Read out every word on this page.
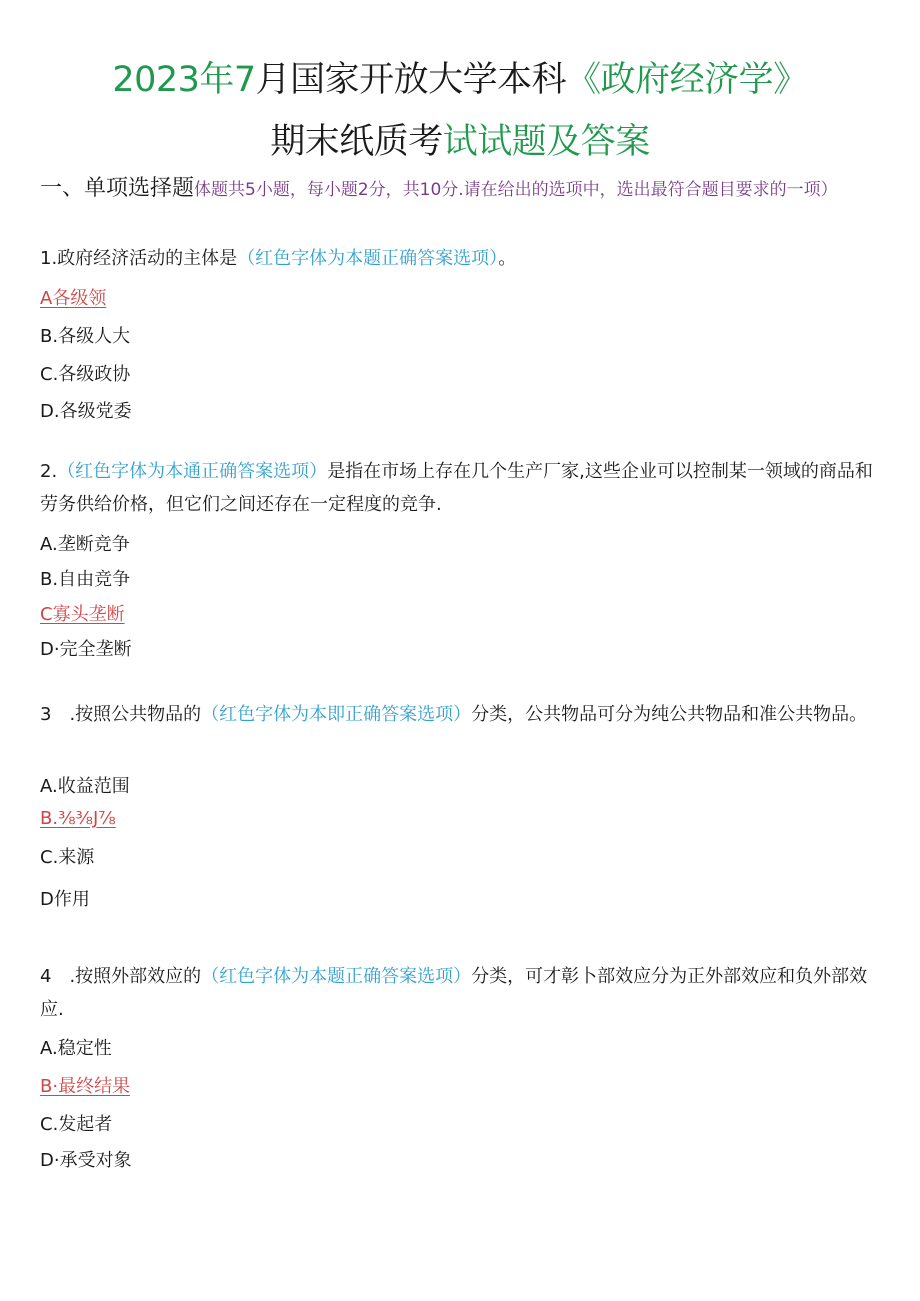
2023年7月国家开放大学本科《政府经济学》
期末纸质考试试题及答案
一、单项选择题体题共5小题，每小题2分，共10分.请在给出的选项中，选出最符合题目要求的一项）
1.政府经济活动的主体是（红色字体为本题正确答案选项）。
A各级领
B.各级人大
C.各级政协
D.各级党委
2.（红色字体为本通正确答案选项）是指在市场上存在几个生产厂家,这些企业可以控制某一领域的商品和劳务供给价格，但它们之间还存在一定程度的竞争.
A.垄断竞争
B.自由竞争
C寡头垄断
D·完全垄断
3　.按照公共物品的（红色字体为本即正确答案选项）分类，公共物品可分为纯公共物品和准公共物品。
A.收益范围
B.⅜⅜J⅞
C.来源
D作用
4　.按照外部效应的（红色字体为本题正确答案选项）分类，可才彰卜部效应分为正外部效应和负外部效应.
A.稳定性
B·最终结果
C.发起者
D·承受对象
